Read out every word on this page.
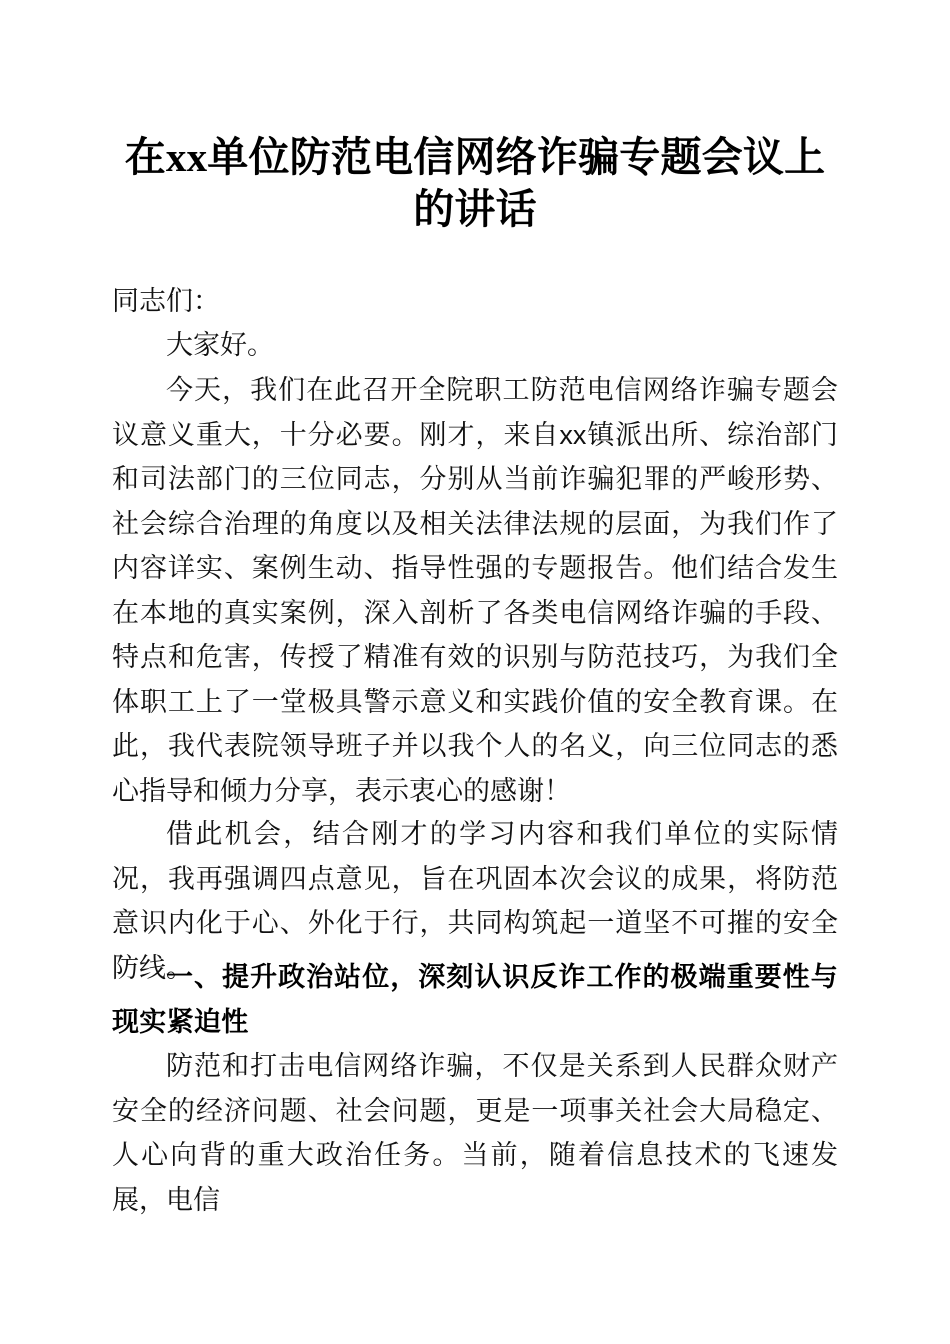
在xx单位防范电信网络诈骗专题会议上的讲话

同志们：

大家好。

今天，我们在此召开全院职工防范电信网络诈骗专题会议意义重大，十分必要。刚才，来自xx镇派出所、综治部门和司法部门的三位同志，分别从当前诈骗犯罪的严峻形势、社会综合治理的角度以及相关法律法规的层面，为我们作了内容详实、案例生动、指导性强的专题报告。他们结合发生在本地的真实案例，深入剖析了各类电信网络诈骗的手段、特点和危害，传授了精准有效的识别与防范技巧，为我们全体职工上了一堂极具警示意义和实践价值的安全教育课。在此，我代表院领导班子并以我个人的名义，向三位同志的悉心指导和倾力分享，表示衷心的感谢！

借此机会，结合刚才的学习内容和我们单位的实际情况，我再强调四点意见，旨在巩固本次会议的成果，将防范意识内化于心、外化于行，共同构筑起一道坚不可摧的安全防线。

一、提升政治站位，深刻认识反诈工作的极端重要性与现实紧迫性

防范和打击电信网络诈骗，不仅是关系到人民群众财产安全的经济问题、社会问题，更是一项事关社会大局稳定、人心向背的重大政治任务。当前，随着信息技术的飞速发展，电信
